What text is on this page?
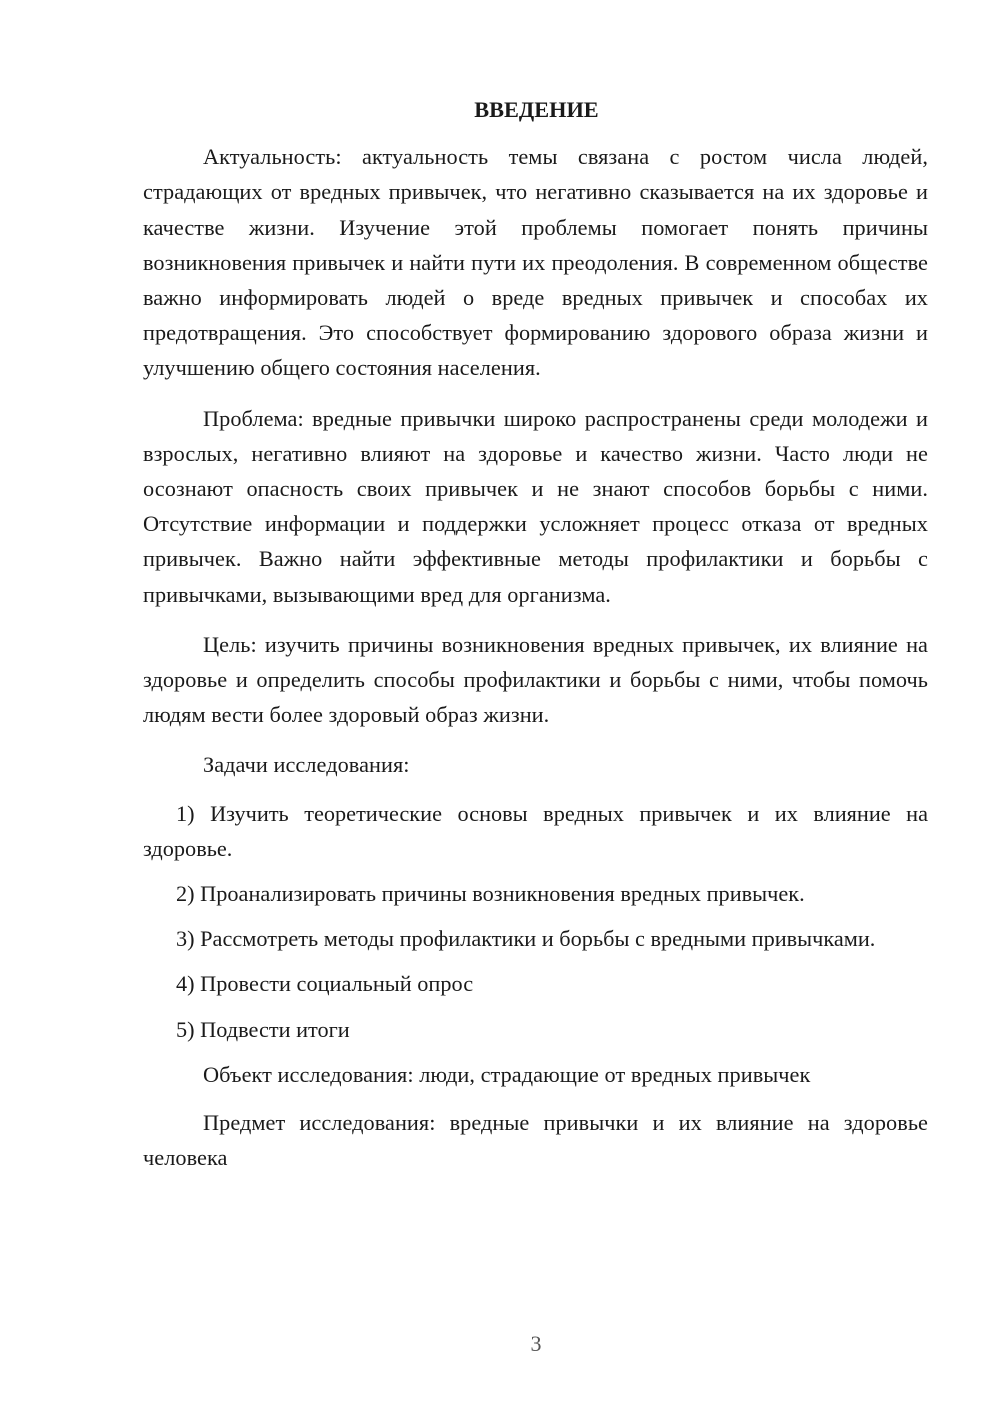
ВВЕДЕНИЕ

Актуальность: актуальность темы связана с ростом числа людей, страдающих от вредных привычек, что негативно сказывается на их здоровье и качестве жизни. Изучение этой проблемы помогает понять причины возникновения привычек и найти пути их преодоления. В современном обществе важно информировать людей о вреде вредных привычек и способах их предотвращения. Это способствует формированию здорового образа жизни и улучшению общего состояния населения.

Проблема: вредные привычки широко распространены среди молодежи и взрослых, негативно влияют на здоровье и качество жизни. Часто люди не осознают опасность своих привычек и не знают способов борьбы с ними. Отсутствие информации и поддержки усложняет процесс отказа от вредных привычек. Важно найти эффективные методы профилактики и борьбы с привычками, вызывающими вред для организма.

Цель: изучить причины возникновения вредных привычек, их влияние на здоровье и определить способы профилактики и борьбы с ними, чтобы помочь людям вести более здоровый образ жизни.

Задачи исследования:

1) Изучить теоретические основы вредных привычек и их влияние на здоровье.

2) Проанализировать причины возникновения вредных привычек.

3) Рассмотреть методы профилактики и борьбы с вредными привычками.

4) Провести социальный опрос

5) Подвести итоги

Объект исследования: люди, страдающие от вредных привычек

Предмет исследования: вредные привычки и их влияние на здоровье человека

3
